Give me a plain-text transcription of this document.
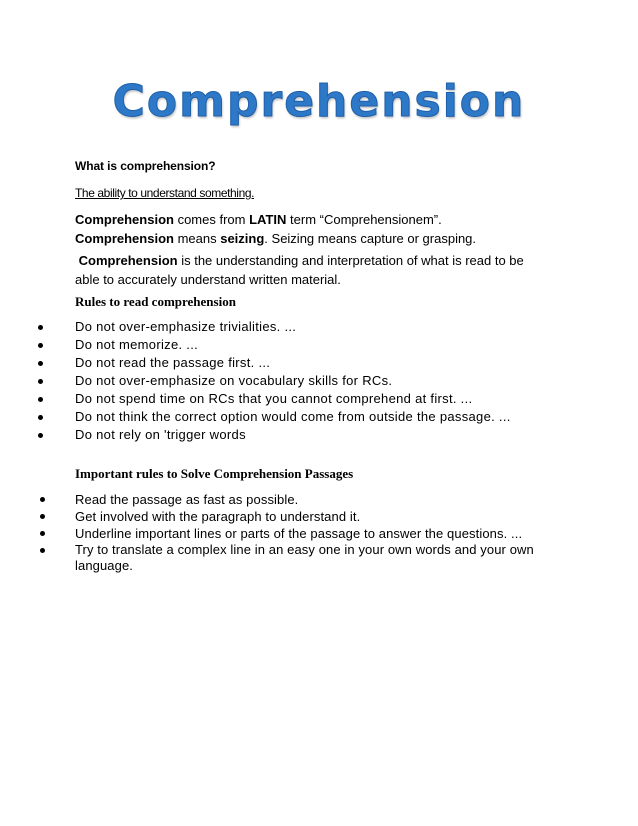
Comprehension
What is comprehension?
The ability to understand something.
Comprehension comes from LATIN term “Comprehensionem”. Comprehension means seizing. Seizing means capture or grasping.
Comprehension is the understanding and interpretation of what is read to be able to accurately understand written material.
Rules to read comprehension
Do not over-emphasize trivialities. ...
Do not memorize. ...
Do not read the passage first. ...
Do not over-emphasize on vocabulary skills for RCs.
Do not spend time on RCs that you cannot comprehend at first. ...
Do not think the correct option would come from outside the passage. ...
Do not rely on 'trigger words
Important rules to Solve Comprehension Passages
Read the passage as fast as possible.
Get involved with the paragraph to understand it.
Underline important lines or parts of the passage to answer the questions. ...
Try to translate a complex line in an easy one in your own words and your own language.
